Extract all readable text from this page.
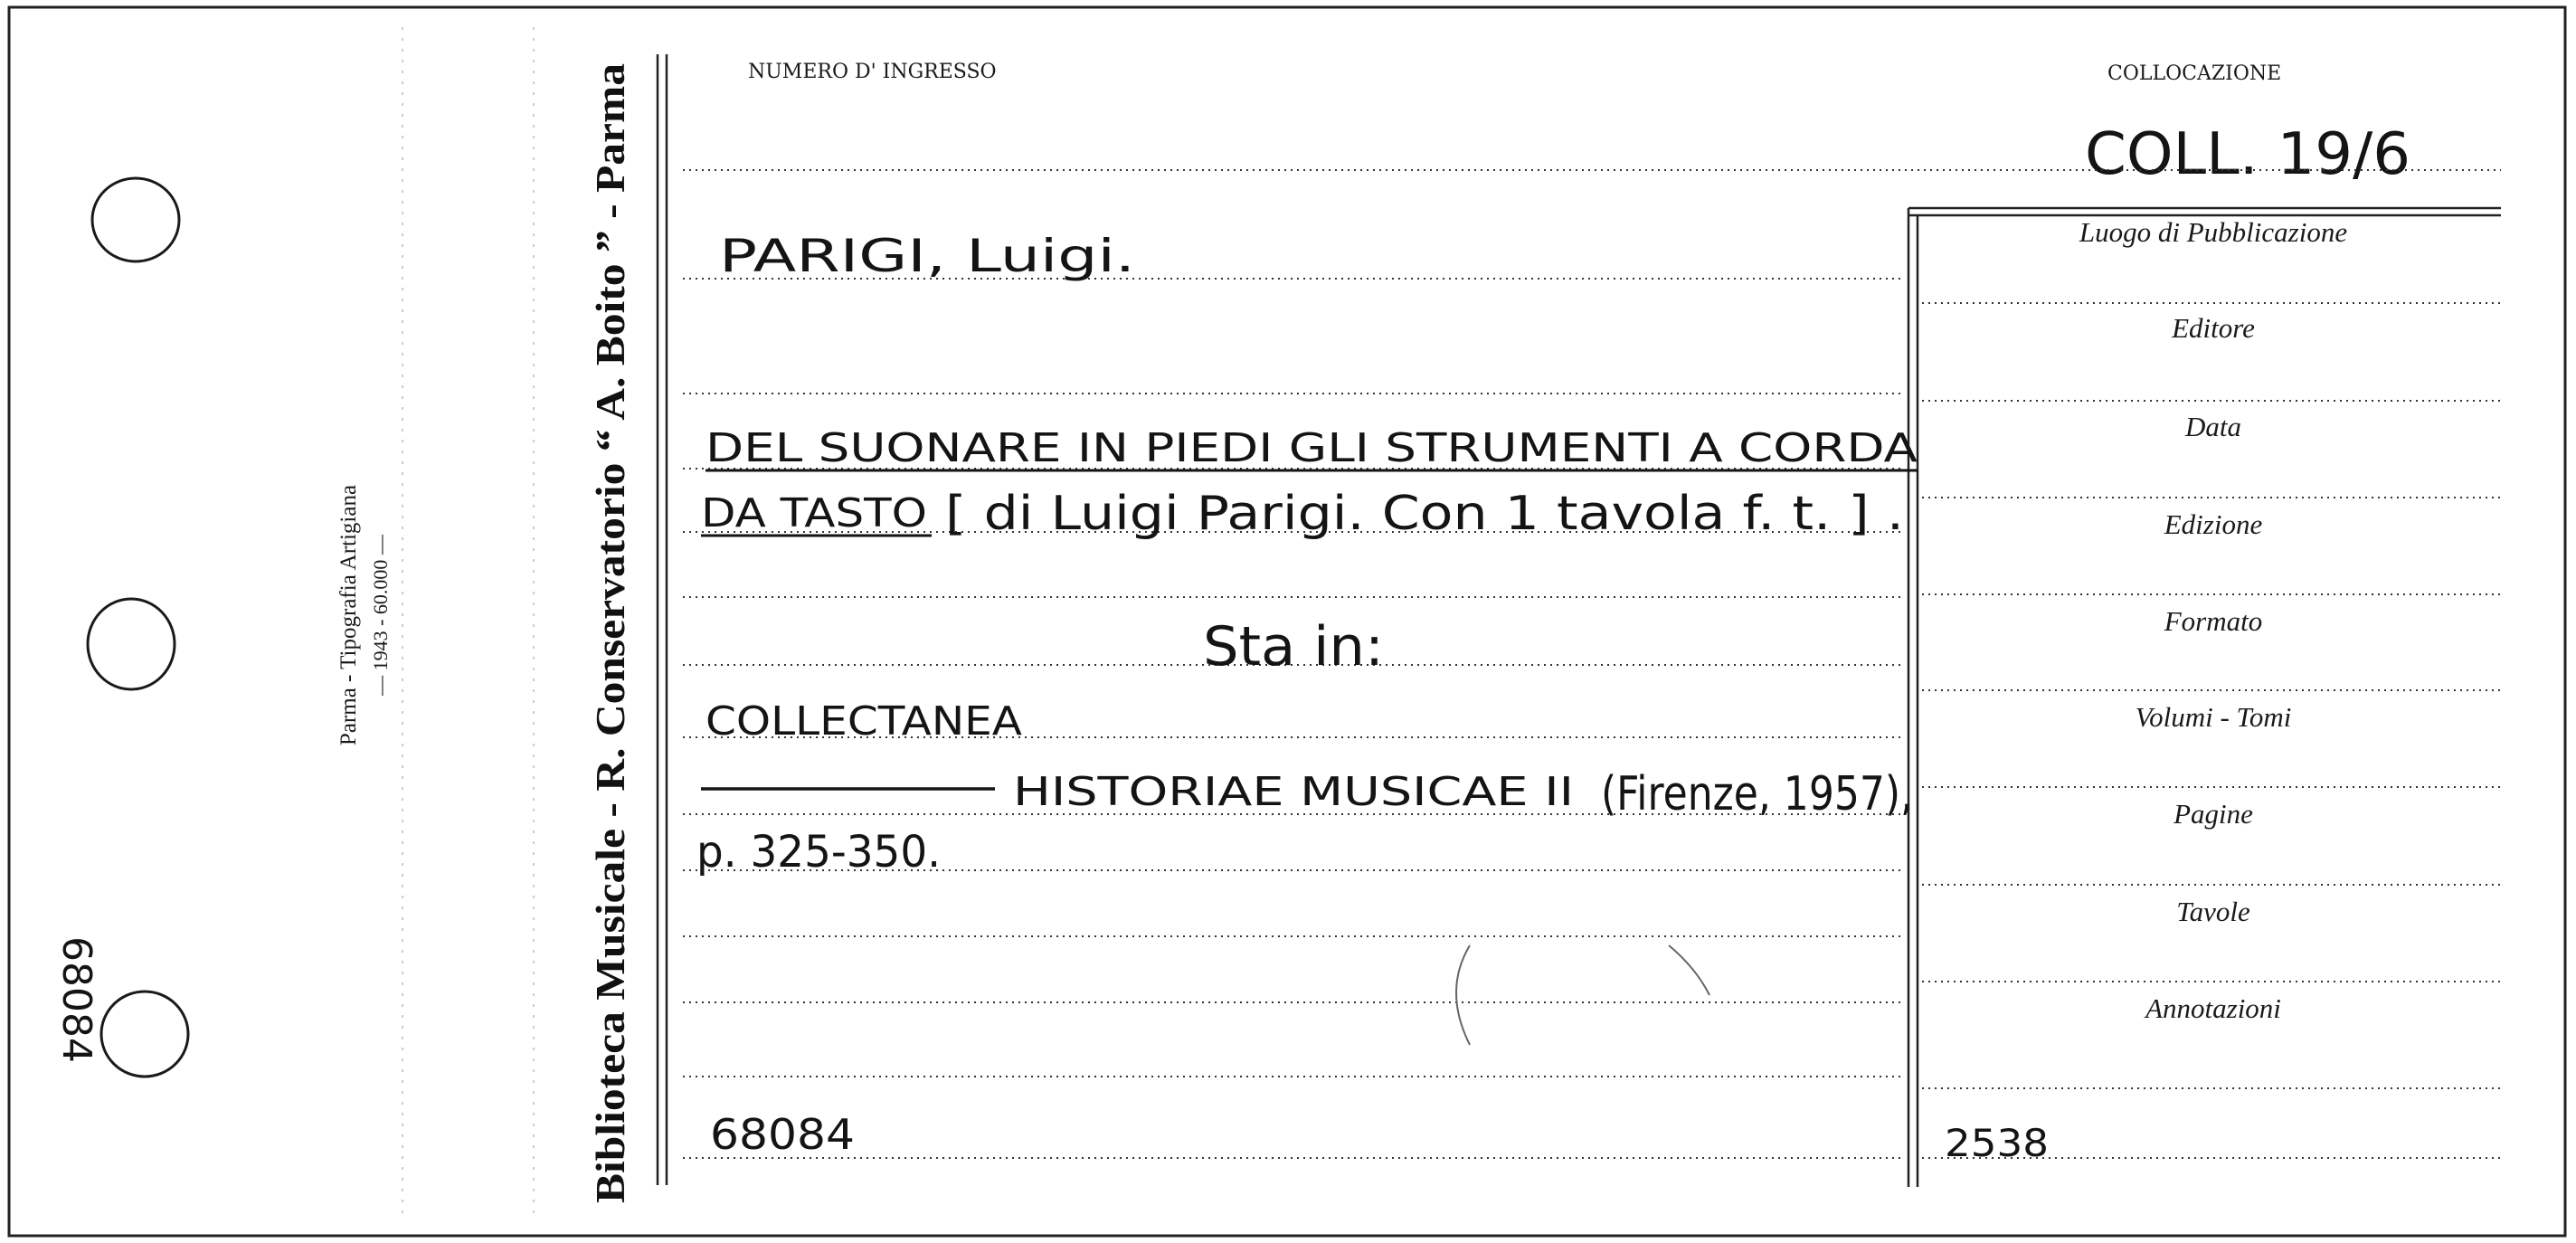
68084
Parma - Tipografia Artigiana — 1943 - 60.000 —	Biblioteca Musicale - R. Conservatorio “ A. Boito ” - Parma
NUMERO D' INGRESSO	COLLOCAZIONE
COLL. 19/6
Luogo di Pubblicazione
Editore
Data
Edizione
Formato
Volumi - Tomi
Pagine
Tavole
Annotazioni
PARIGI, Luigi.
DEL SUONARE IN PIEDI GLI STRUMENTI A CORDA
DA TASTO [ di Luigi Parigi. Con 1 tavola f. t. ] .
Sta in:
COLLECTANEA
HISTORIAE MUSICAE II (Firenze, 1957),
p. 325-350.
68084	2538
